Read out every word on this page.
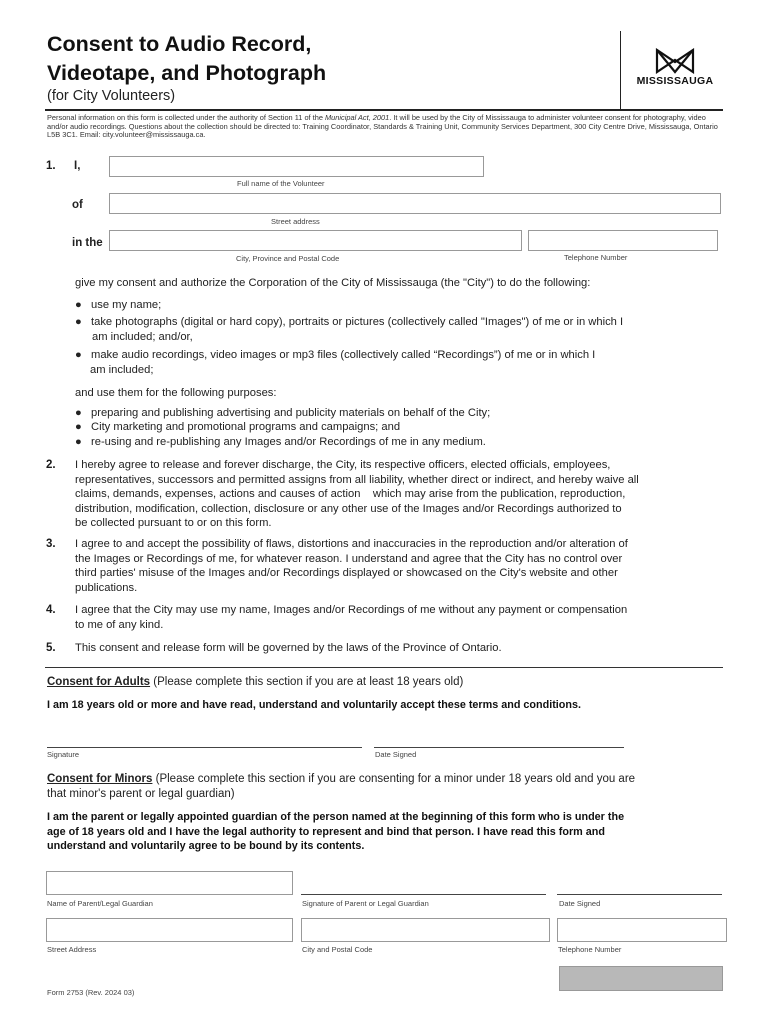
Consent to Audio Record,
Videotape, and Photograph
(for City Volunteers)
MISSISSAUGA
Personal information on this form is collected under the authority of Section 11 of the Municipal Act, 2001. It will be used by the City of Mississauga to administer volunteer consent for photography, video and/or audio recordings. Questions about the collection should be directed to: Training Coordinator, Standards & Training Unit, Community Services Department, 300 City Centre Drive, Mississauga, Ontario L5B 3C1. Email: city.volunteer@mississauga.ca.
1. I,
Full name of the Volunteer
of
Street address
in the
City, Province and Postal Code	Telephone Number
give my consent and authorize the Corporation of the City of Mississauga (the "City") to do the following:
● use my name;
● take photographs (digital or hard copy), portraits or pictures (collectively called "Images") of me or in which I
am included; and/or,
● make audio recordings, video images or mp3 files (collectively called “Recordings”) of me or in which I
am included;
and use them for the following purposes:
● preparing and publishing advertising and publicity materials on behalf of the City;
● City marketing and promotional programs and campaigns; and
● re-using and re-publishing any Images and/or Recordings of me in any medium.
2. I hereby agree to release and forever discharge, the City, its respective officers, elected officials, employees,
representatives, successors and permitted assigns from all liability, whether direct or indirect, and hereby waive all
claims, demands, expenses, actions and causes of action    which may arise from the publication, reproduction,
distribution, modification, collection, disclosure or any other use of the Images and/or Recordings authorized to
be collected pursuant to or on this form.
3. I agree to and accept the possibility of flaws, distortions and inaccuracies in the reproduction and/or alteration of
the Images or Recordings of me, for whatever reason. I understand and agree that the City has no control over
third parties' misuse of the Images and/or Recordings displayed or showcased on the City's website and other
publications.
4. I agree that the City may use my name, Images and/or Recordings of me without any payment or compensation
to me of any kind.
5. This consent and release form will be governed by the laws of the Province of Ontario.
Consent for Adults (Please complete this section if you are at least 18 years old)
I am 18 years old or more and have read, understand and voluntarily accept these terms and conditions.
Signature	Date Signed
Consent for Minors (Please complete this section if you are consenting for a minor under 18 years old and you are
that minor's parent or legal guardian)
I am the parent or legally appointed guardian of the person named at the beginning of this form who is under the
age of 18 years old and I have the legal authority to represent and bind that person. I have read this form and
understand and voluntarily agree to be bound by its contents.
Name of Parent/Legal Guardian	Signature of Parent or Legal Guardian	Date Signed
Street Address	City and Postal Code	Telephone Number
Form 2753 (Rev. 2024 03)
